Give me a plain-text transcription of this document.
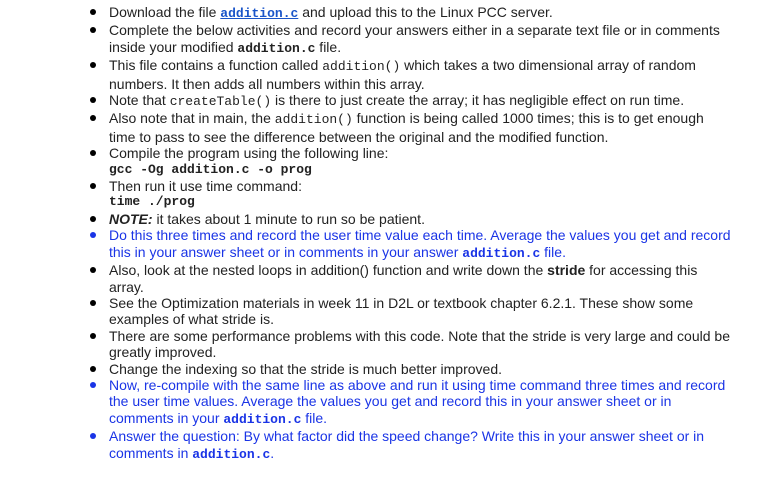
Download the file addition.c and upload this to the Linux PCC server.
Complete the below activities and record your answers either in a separate text file or in comments inside your modified addition.c file.
This file contains a function called addition() which takes a two dimensional array of random numbers. It then adds all numbers within this array.
Note that createTable() is there to just create the array; it has negligible effect on run time.
Also note that in main, the addition() function is being called 1000 times; this is to get enough time to pass to see the difference between the original and the modified function.
Compile the program using the following line:
gcc -Og addition.c -o prog
Then run it use time command:
time ./prog
NOTE: it takes about 1 minute to run so be patient.
Do this three times and record the user time value each time. Average the values you get and record this in your answer sheet or in comments in your answer addition.c file.
Also, look at the nested loops in addition() function and write down the stride for accessing this array.
See the Optimization materials in week 11 in D2L or textbook chapter 6.2.1. These show some examples of what stride is.
There are some performance problems with this code. Note that the stride is very large and could be greatly improved.
Change the indexing so that the stride is much better improved.
Now, re-compile with the same line as above and run it using time command three times and record the user time values. Average the values you get and record this in your answer sheet or in comments in your addition.c file.
Answer the question: By what factor did the speed change? Write this in your answer sheet or in comments in addition.c.
